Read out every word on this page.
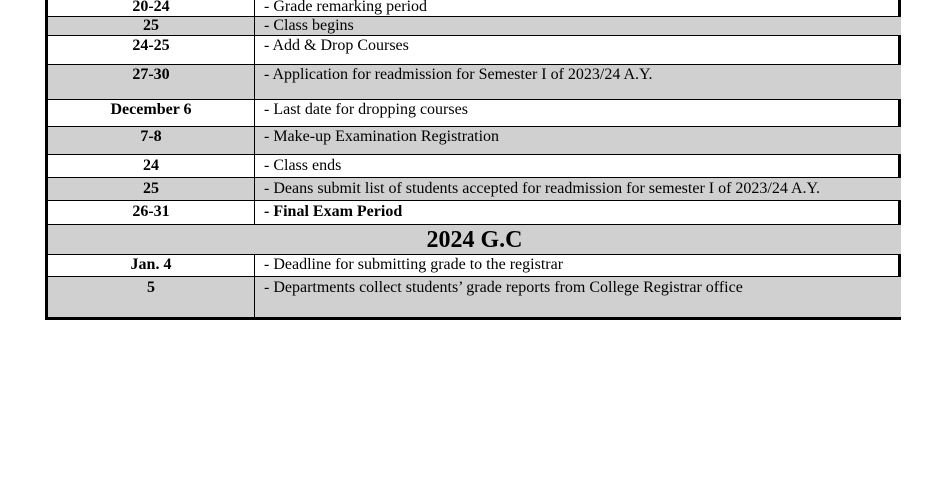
20-24	- Grade remarking period
25	- Class begins
24-25	- Add & Drop Courses
27-30	- Application for readmission for Semester I of 2023/24 A.Y.
December 6	- Last date for dropping courses
7-8	- Make-up Examination Registration
24	- Class ends
25	- Deans submit list of students accepted for readmission for semester I of 2023/24 A.Y.
26-31	- Final Exam Period
2024 G.C
Jan. 4	- Deadline for submitting grade to the registrar
5	- Departments collect students’ grade reports from College Registrar office
